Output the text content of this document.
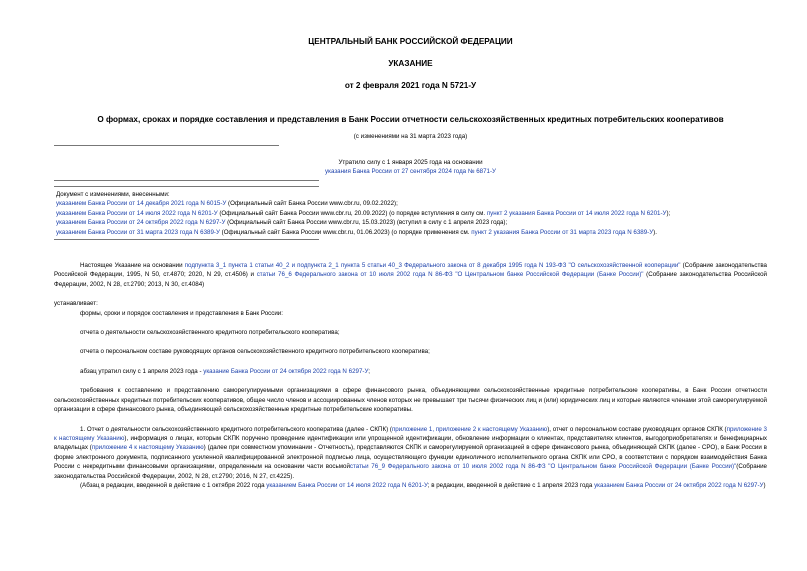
ЦЕНТРАЛЬНЫЙ БАНК РОССИЙСКОЙ ФЕДЕРАЦИИ
УКАЗАНИЕ
от 2 февраля 2021 года N 5721-У
О формах, сроках и порядке составления и представления в Банк России отчетности сельскохозяйственных кредитных потребительских кооперативов
(с изменениями на 31 марта 2023 года)
Утратило силу с 1 января 2025 года на основании
указания Банка России от 27 сентября 2024 года № 6871-У
Документ с изменениями, внесенными:
указанием Банка России от 14 декабря 2021 года N 6015-У (Официальный сайт Банка России www.cbr.ru, 09.02.2022);
указанием Банка России от 14 июля 2022 года N 6201-У (Официальный сайт Банка России www.cbr.ru, 20.09.2022) (о порядке вступления в силу см. пункт 2 указания Банка России от 14 июля 2022 года N 6201-У);
указанием Банка России от 24 октября 2022 года N 6297-У (Официальный сайт Банка России www.cbr.ru, 15.03.2023) (вступил в силу с 1 апреля 2023 года);
указанием Банка России от 31 марта 2023 года N 6389-У (Официальный сайт Банка России www.cbr.ru, 01.06.2023) (о порядке применения см. пункт 2 указания Банка России от 31 марта 2023 года N 6389-У).
Настоящее Указание на основании подпункта 3_1 пункта 1 статьи 40_2 и подпункта 2_1 пункта 5 статьи 40_3 Федерального закона от 8 декабря 1995 года N 193-ФЗ "О сельскохозяйственной кооперации" (Собрание законодательства Российской Федерации, 1995, N 50, ст.4870; 2020, N 29, ст.4506) и статьи 76_6 Федерального закона от 10 июля 2002 года N 86-ФЗ "О Центральном банке Российской Федерации (Банке России)" (Собрание законодательства Российской Федерации, 2002, N 28, ст.2790; 2013, N 30, ст.4084)
устанавливает:
формы, сроки и порядок составления и представления в Банк России:
отчета о деятельности сельскохозяйственного кредитного потребительского кооператива;
отчета о персональном составе руководящих органов сельскохозяйственного кредитного потребительского кооператива;
абзац утратил силу с 1 апреля 2023 года - указание Банка России от 24 октября 2022 года N 6297-У;
требования к составлению и представлению саморегулируемыми организациями в сфере финансового рынка, объединяющими сельскохозяйственные кредитные потребительские кооперативы, в Банк России отчетности сельскохозяйственных кредитных потребительских кооперативов, общее число членов и ассоциированных членов которых не превышает три тысячи физических лиц и (или) юридических лиц и которые являются членами этой саморегулируемой организации в сфере финансового рынка, объединяющей сельскохозяйственные кредитные потребительские кооперативы.
1. Отчет о деятельности сельскохозяйственного кредитного потребительского кооператива (далее - СКПК) (приложение 1, приложение 2 к настоящему Указанию), отчет о персональном составе руководящих органов СКПК (приложение 3 к настоящему Указанию), информация о лицах, которым СКПК поручено проведение идентификации или упрощенной идентификации, обновление информации о клиентах, представителях клиентов, выгодоприобретателях и бенефициарных владельцах (приложение 4 к настоящему Указанию) (далее при совместном упоминании - Отчетность), представляются СКПК и саморегулируемой организацией в сфере финансового рынка, объединяющей СКПК (далее - СРО), в Банк России в форме электронного документа, подписанного усиленной квалифицированной электронной подписью лица, осуществляющего функции единоличного исполнительного органа СКПК или СРО, в соответствии с порядком взаимодействия Банка России с некредитными финансовыми организациями, определенным на основании части восьмойстатьи 76_9 Федерального закона от 10 июля 2002 года N 86-ФЗ "О Центральном банке Российской Федерации (Банке России)"(Собрание законодательства Российской Федерации, 2002, N 28, ст.2790; 2016, N 27, ст.4225).
(Абзац в редакции, введенной в действие с 1 октября 2022 года указанием Банка России от 14 июля 2022 года N 6201-У; в редакции, введенной в действие с 1 апреля 2023 года указанием Банка России от 24 октября 2022 года N 6297-У)
